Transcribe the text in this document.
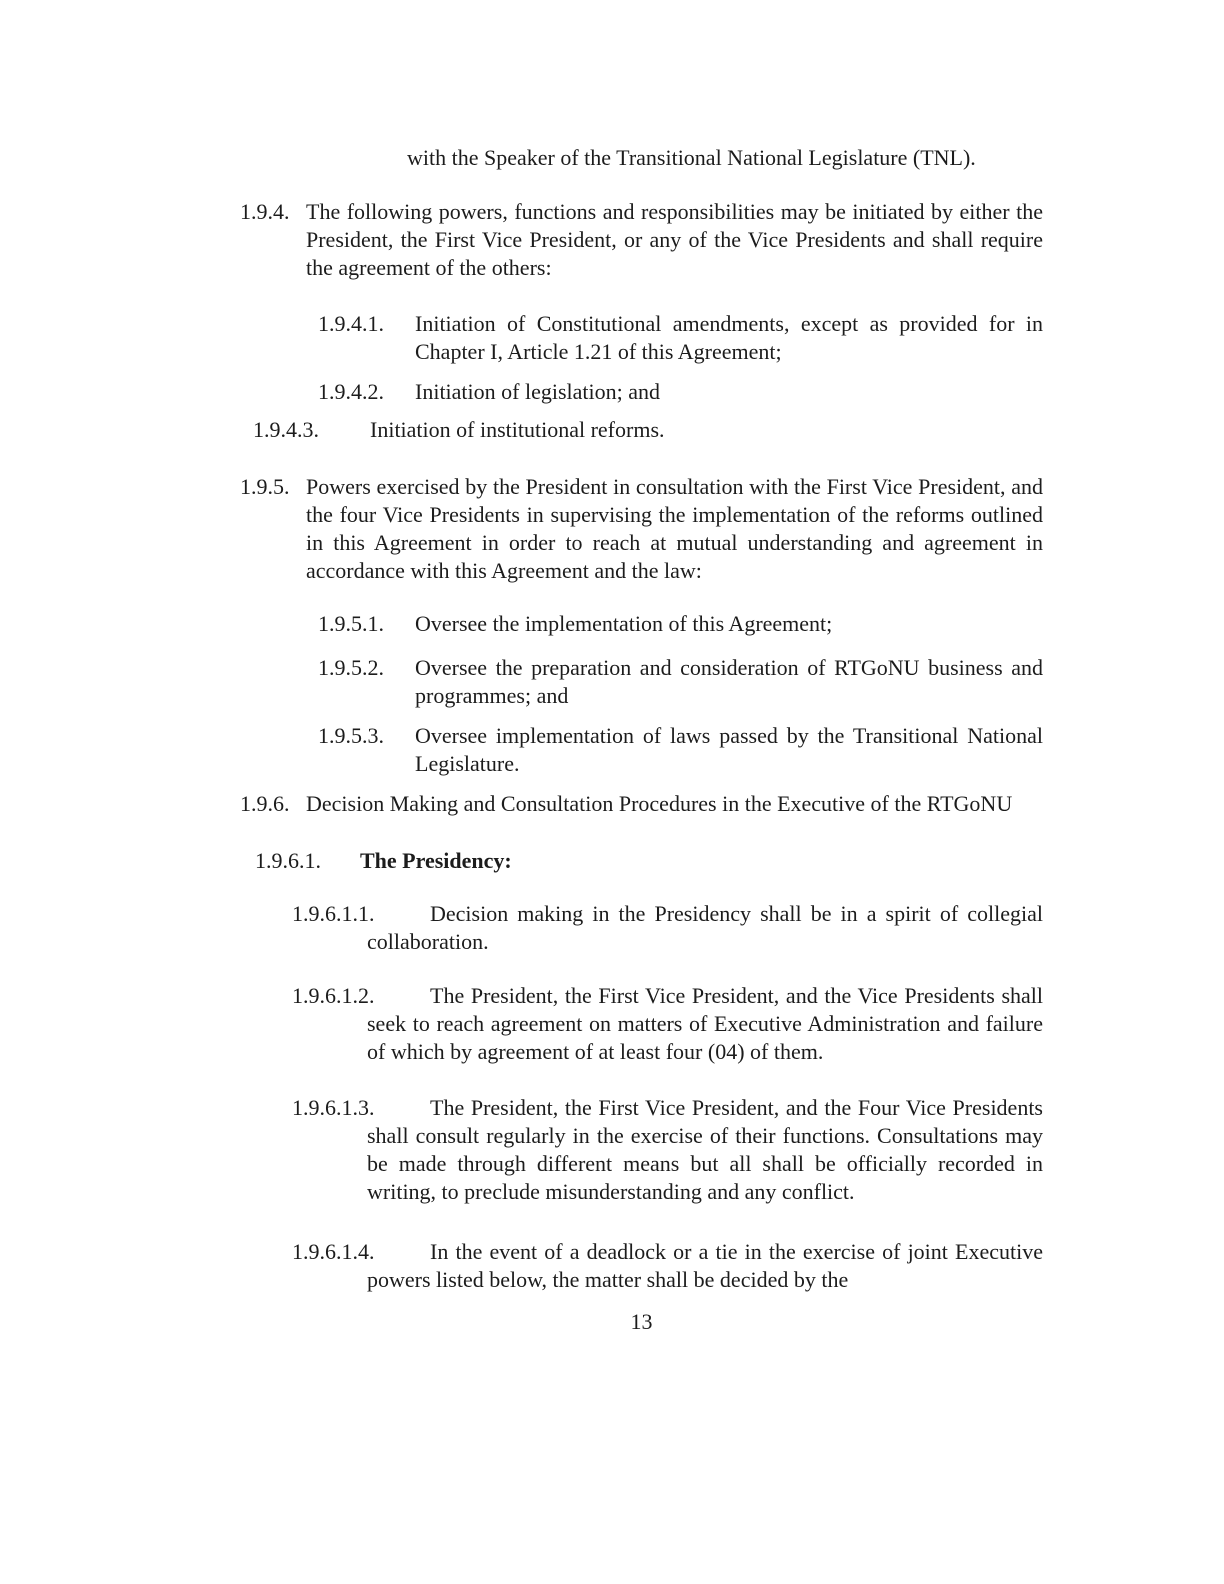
with the Speaker of the Transitional National Legislature (TNL).
1.9.4. The following powers, functions and responsibilities may be initiated by either the President, the First Vice President, or any of the Vice Presidents and shall require the agreement of the others:
1.9.4.1. Initiation of Constitutional amendments, except as provided for in Chapter I, Article 1.21 of this Agreement;
1.9.4.2. Initiation of legislation; and
1.9.4.3. Initiation of institutional reforms.
1.9.5. Powers exercised by the President in consultation with the First Vice President, and the four Vice Presidents in supervising the implementation of the reforms outlined in this Agreement in order to reach at mutual understanding and agreement in accordance with this Agreement and the law:
1.9.5.1. Oversee the implementation of this Agreement;
1.9.5.2. Oversee the preparation and consideration of RTGoNU business and programmes; and
1.9.5.3. Oversee implementation of laws passed by the Transitional National Legislature.
1.9.6. Decision Making and Consultation Procedures in the Executive of the RTGoNU
1.9.6.1. The Presidency:
1.9.6.1.1.	Decision making in the Presidency shall be in a spirit of collegial collaboration.
1.9.6.1.2.	The President, the First Vice President, and the Vice Presidents shall seek to reach agreement on matters of Executive Administration and failure of which by agreement of at least four (04) of them.
1.9.6.1.3.	The President, the First Vice President, and the Four Vice Presidents shall consult regularly in the exercise of their functions. Consultations may be made through different means but all shall be officially recorded in writing, to preclude misunderstanding and any conflict.
1.9.6.1.4.	In the event of a deadlock or a tie in the exercise of joint Executive powers listed below, the matter shall be decided by the
13
